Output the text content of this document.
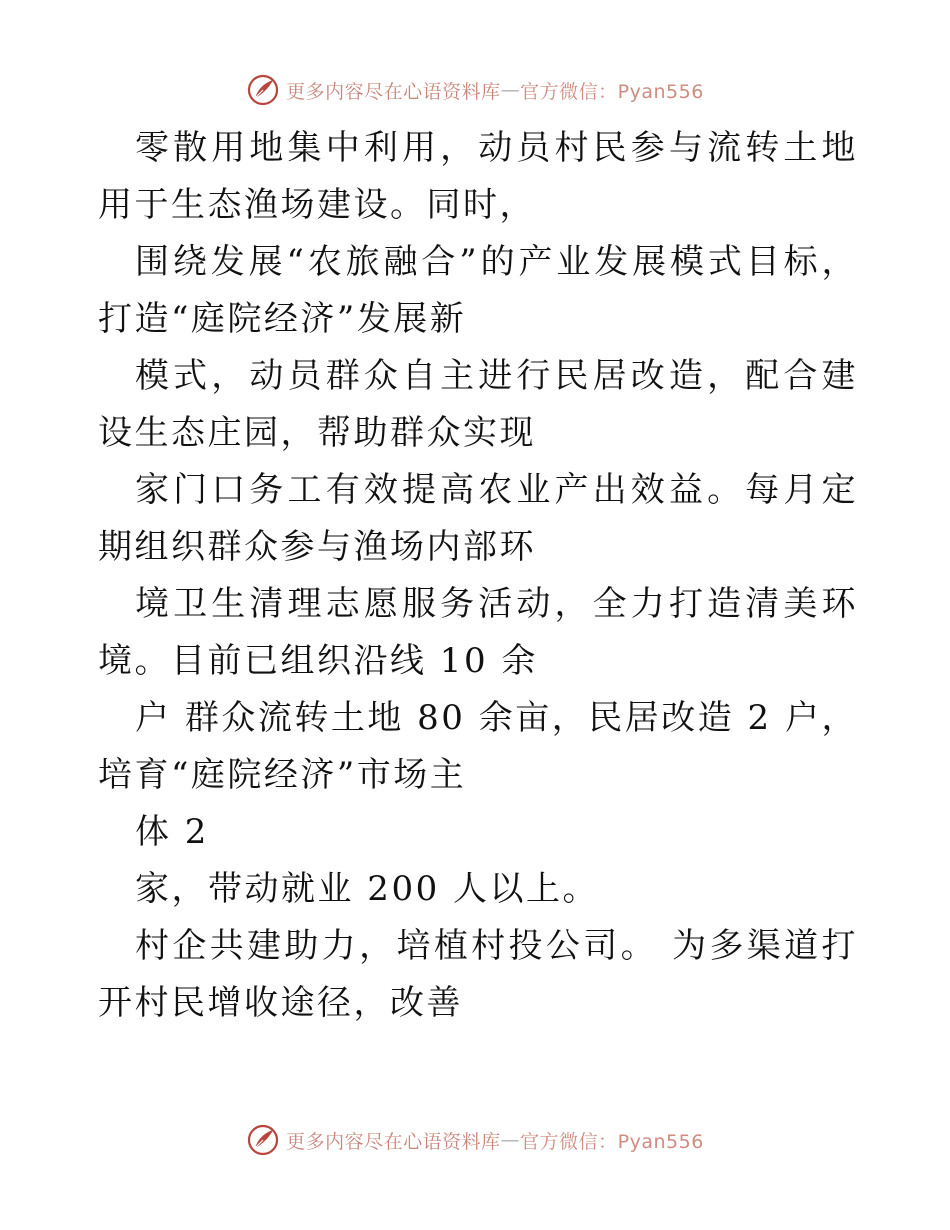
更多内容尽在心语资料库 — 官方微信：Pyan556

零散用地集中利用，动员村民参与流转土地用于生态渔场建设。同时，

围绕发展“农旅融合”的产业发展模式目标，打造“庭院经济”发展新

模式，动员群众自主进行民居改造，配合建设生态庄园，帮助群众实现

家门口务工有效提高农业产出效益。每月定期组织群众参与渔场内部环

境卫生清理志愿服务活动，全力打造清美环境。目前已组织沿线 10 余

户 群众流转土地 80 余亩，民居改造 2 户，培育“庭院经济”市场主

体 2

家，带动就业 200 人以上。

村企共建助力，培植村投公司。 为多渠道打开村民增收途径，改善

更多内容尽在心语资料库 — 官方微信：Pyan556
